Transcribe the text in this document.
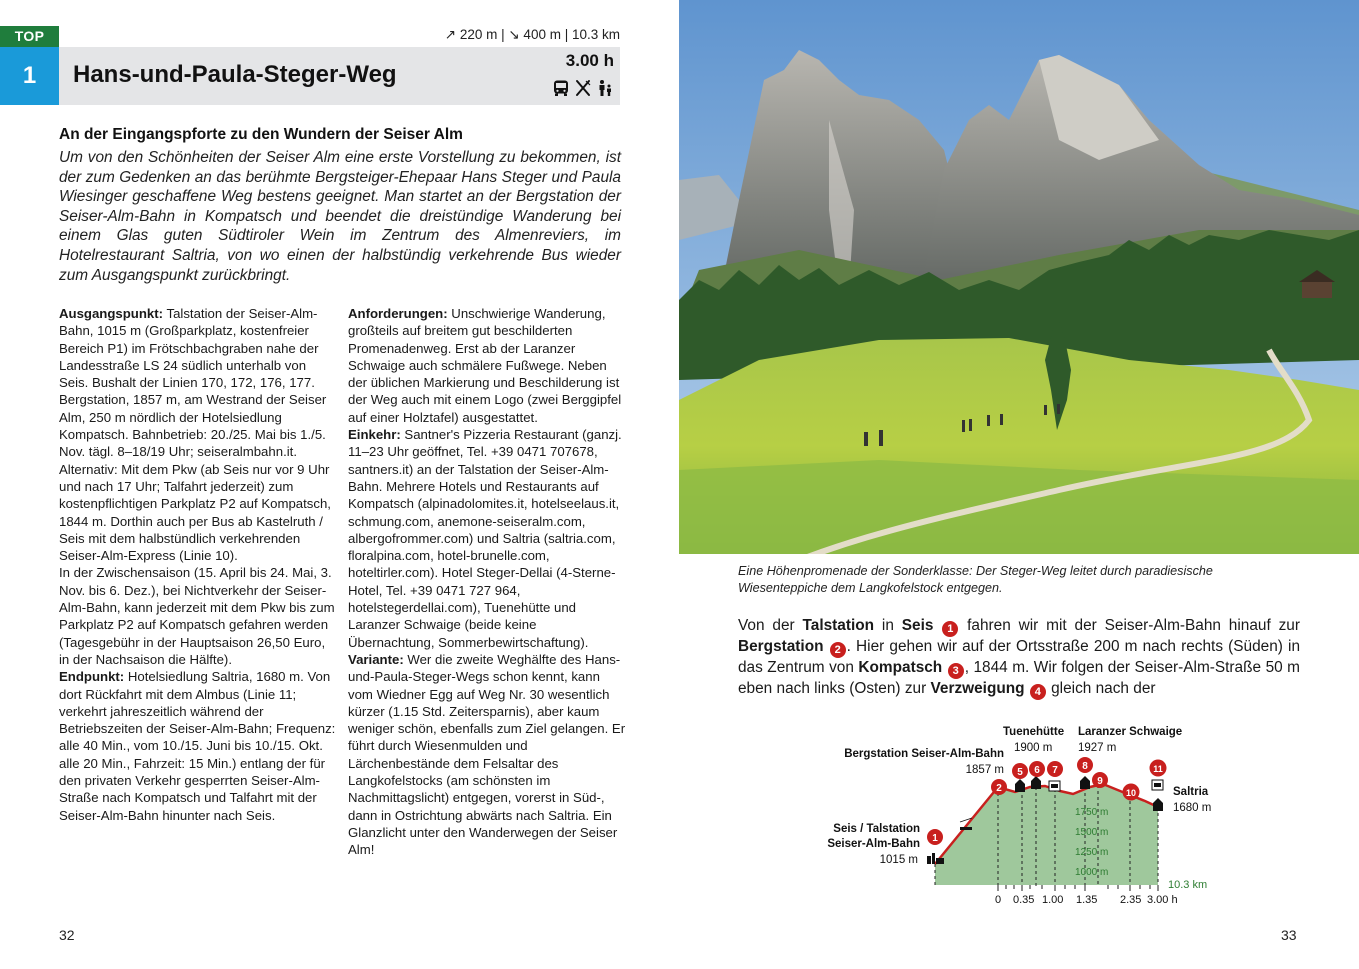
TOP
1
↗ 220 m | ↘ 400 m | 10.3 km
Hans-und-Paula-Steger-Weg
3.00 h
An der Eingangspforte zu den Wundern der Seiser Alm
Um von den Schönheiten der Seiser Alm eine erste Vorstellung zu bekommen, ist der zum Gedenken an das berühmte Bergsteiger-Ehepaar Hans Steger und Paula Wiesinger geschaffene Weg bestens geeignet. Man startet an der Bergstation der Seiser-Alm-Bahn in Kompatsch und beendet die dreistündige Wanderung bei einem Glas guten Südtiroler Wein im Zentrum des Almenreviers, im Hotelrestaurant Saltria, von wo einen der halbstündig verkehrende Bus wieder zum Ausgangspunkt zurückbringt.

Ausgangspunkt: Talstation der Seiser-Alm-Bahn, 1015 m (Großparkplatz, kostenfreier Bereich P1) im Frötschbachgraben nahe der Landesstraße LS 24 südlich unterhalb von Seis. Bushalt der Linien 170, 172, 176, 177. Bergstation, 1857 m, am Westrand der Seiser Alm, 250 m nördlich der Hotelsiedlung Kompatsch. Bahnbetrieb: 20./25. Mai bis 1./5. Nov. tägl. 8–18/19 Uhr; seiseralmbahn.it.

Alternativ: Mit dem Pkw (ab Seis nur vor 9 Uhr und nach 17 Uhr; Talfahrt jederzeit) zum kostenpflichtigen Parkplatz P2 auf Kompatsch, 1844 m. Dorthin auch per Bus ab Kastelruth / Seis mit dem halbstündlich verkehrenden Seiser-Alm-Express (Linie 10).

In der Zwischensaison (15. April bis 24. Mai, 3. Nov. bis 6. Dez.), bei Nichtverkehr der Seiser-Alm-Bahn, kann jederzeit mit dem Pkw bis zum Parkplatz P2 auf Kompatsch gefahren werden (Tagesgebühr in der Hauptsaison 26,50 Euro, in der Nachsaison die Hälfte).

Endpunkt: Hotelsiedlung Saltria, 1680 m. Von dort Rückfahrt mit dem Almbus (Linie 11; verkehrt jahreszeitlich während der Betriebszeiten der Seiser-Alm-Bahn; Frequenz: alle 40 Min., vom 10./15. Juni bis 10./15. Okt. alle 20 Min., Fahrzeit: 15 Min.) entlang der für den privaten Verkehr gesperrten Seiser-Alm-Straße nach Kompatsch und Talfahrt mit der Seiser-Alm-Bahn hinunter nach Seis.

Anforderungen: Unschwierige Wanderung, großteils auf breitem gut beschilderten Promenadenweg. Erst ab der Laranzer Schwaige auch schmälere Fußwege. Neben der üblichen Markierung und Beschilderung ist der Weg auch mit einem Logo (zwei Berggipfel auf einer Holztafel) ausgestattet.

Einkehr: Santner's Pizzeria Restaurant (ganzj. 11–23 Uhr geöffnet, Tel. +39 0471 707678, santners.it) an der Talstation der Seiser-Alm-Bahn. Mehrere Hotels und Restaurants auf Kompatsch (alpinadolomites.it, hotelseelaus.it, schmung.com, anemone-seiseralm.com, albergofrommer.com) und Saltria (saltria.com, floralpina.com, hotel-brunelle.com, hoteltirler.com). Hotel Steger-Dellai (4-Sterne-Hotel, Tel. +39 0471 727 964, hotelstegerdellai.com), Tuenehütte und Laranzer Schwaige (beide keine Übernachtung, Sommerbewirtschaftung).

Variante: Wer die zweite Weghälfte des Hans-und-Paula-Steger-Wegs schon kennt, kann vom Wiedner Egg auf Weg Nr. 30 wesentlich kürzer (1.15 Std. Zeitersparnis), aber kaum weniger schön, ebenfalls zum Ziel gelangen. Er führt durch Wiesenmulden und Lärchenbestände dem Felsaltar des Langkofelstocks (am schönsten im Nachmittagslicht) entgegen, vorerst in Süd-, dann in Ostrichtung abwärts nach Saltria. Ein Glanzlicht unter den Wanderwegen der Seiser Alm!

32
Eine Höhenpromenade der Sonderklasse: Der Steger-Weg leitet durch paradiesische Wiesenteppiche dem Langkofelstock entgegen.
Von der Talstation in Seis 1 fahren wir mit der Seiser-Alm-Bahn hinauf zur Bergstation 2 . Hier gehen wir auf der Ortsstraße 200 m nach rechts (Süden) in das Zentrum von Kompatsch 3 , 1844 m. Wir folgen der Seiser-Alm-Straße 50 m eben nach links (Osten) zur Verzweigung 4 gleich nach der
1750 m
1500 m
1250 m
1000 m
0 0.35 1.00 1.35 2.35 3.00 h
10.3 km
Seis / Talstation
Seiser-Alm-Bahn
1015 m
Bergstation Seiser-Alm-Bahn
1857 m
Tuenehütte
1900 m
Laranzer Schwaige
1927 m
Saltria
1680 m
1
2
5 6 7 8
9
10
11
33
